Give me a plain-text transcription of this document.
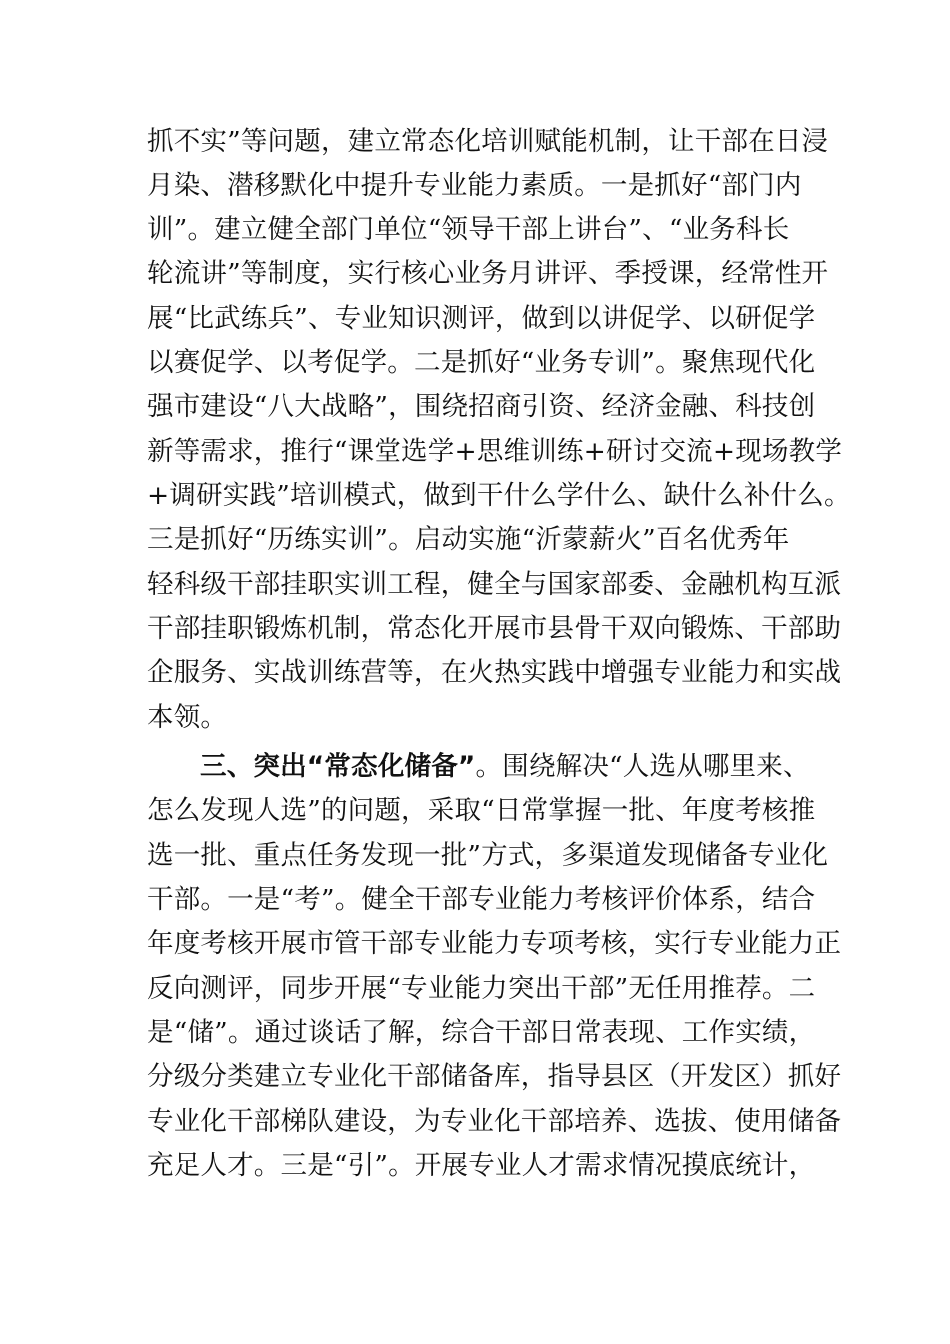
抓不实”等问题，建立常态化培训赋能机制，让干部在日浸
月染、潜移默化中提升专业能力素质。一是抓好“部门内
训”。建立健全部门单位“领导干部上讲台”、“业务科长
轮流讲”等制度，实行核心业务月讲评、季授课，经常性开
展“比武练兵”、专业知识测评，做到以讲促学、以研促学
以赛促学、以考促学。二是抓好“业务专训”。聚焦现代化
强市建设“八大战略”，围绕招商引资、经济金融、科技创
新等需求，推行“课堂选学+思维训练+研讨交流+现场教学
+调研实践”培训模式，做到干什么学什么、缺什么补什么。
三是抓好“历练实训”。启动实施“沂蒙薪火”百名优秀年
轻科级干部挂职实训工程，健全与国家部委、金融机构互派
干部挂职锻炼机制，常态化开展市县骨干双向锻炼、干部助
企服务、实战训练营等，在火热实践中增强专业能力和实战
本领。
三、突出“常态化储备”。围绕解决“人选从哪里来、
怎么发现人选”的问题，采取“日常掌握一批、年度考核推
选一批、重点任务发现一批”方式，多渠道发现储备专业化
干部。一是“考”。健全干部专业能力考核评价体系，结合
年度考核开展市管干部专业能力专项考核，实行专业能力正
反向测评，同步开展“专业能力突出干部”无任用推荐。二
是“储”。通过谈话了解，综合干部日常表现、工作实绩，
分级分类建立专业化干部储备库，指导县区（开发区）抓好
专业化干部梯队建设，为专业化干部培养、选拔、使用储备
充足人才。三是“引”。开展专业人才需求情况摸底统计，
